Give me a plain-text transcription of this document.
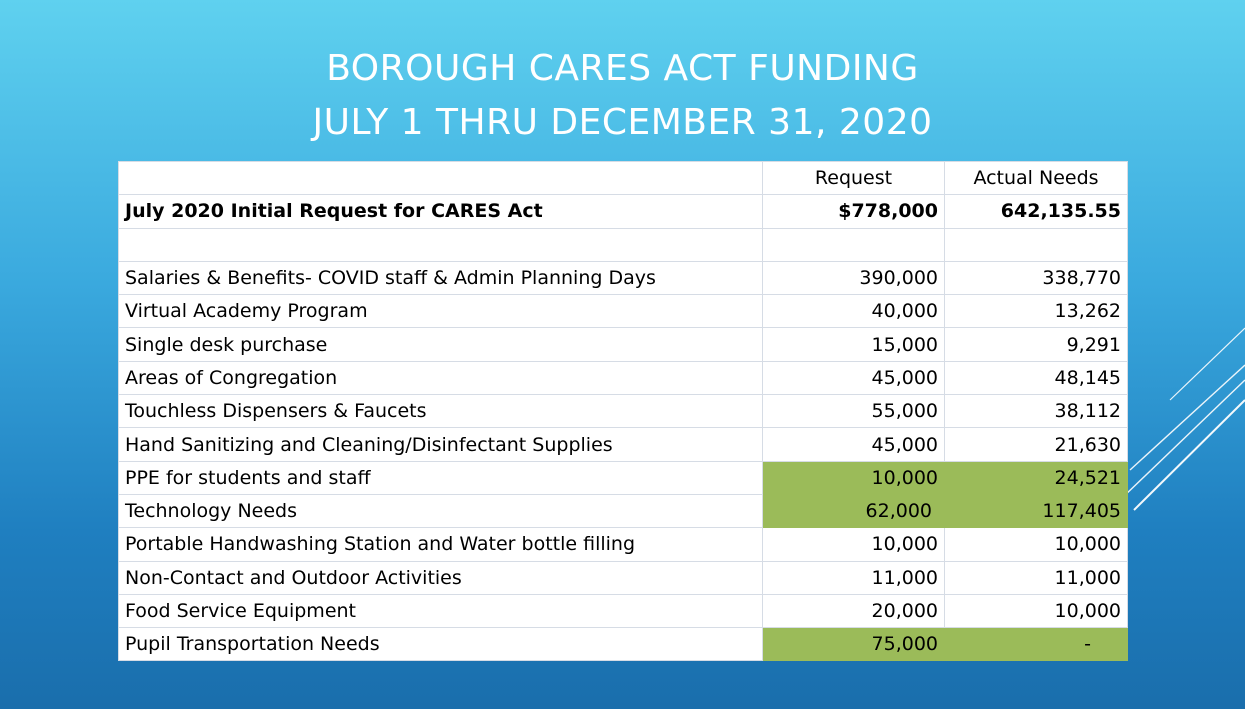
BOROUGH CARES ACT FUNDING
JULY 1 THRU DECEMBER 31, 2020
	Request	Actual Needs
July 2020 Initial Request for CARES Act	$778,000	642,135.55

Salaries & Benefits- COVID staff & Admin Planning Days	390,000	338,770
Virtual Academy Program	40,000	13,262
Single desk purchase	15,000	9,291
Areas of Congregation	45,000	48,145
Touchless Dispensers & Faucets	55,000	38,112
Hand Sanitizing and Cleaning/Disinfectant Supplies	45,000	21,630
PPE for students and staff	10,000	24,521
Technology Needs	62,000	117,405
Portable Handwashing Station and Water bottle filling	10,000	10,000
Non-Contact and Outdoor Activities	11,000	11,000
Food Service Equipment	20,000	10,000
Pupil Transportation Needs	75,000	-
